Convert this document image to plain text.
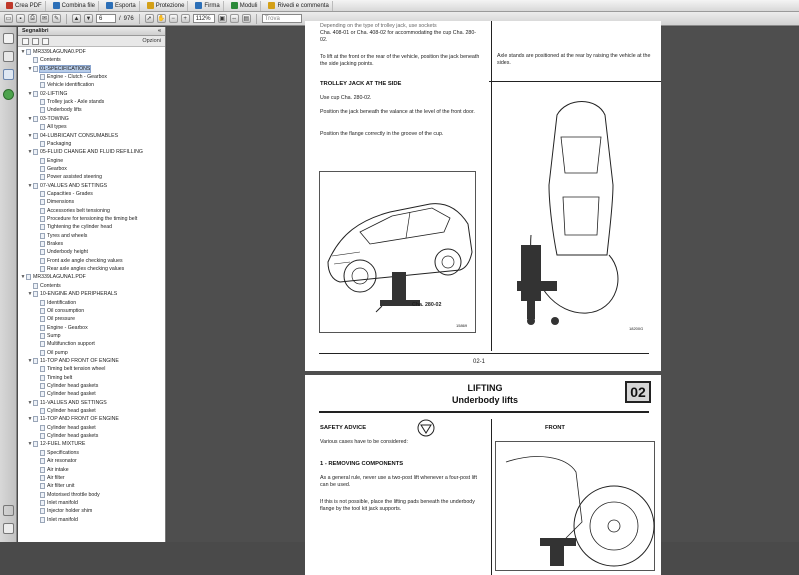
Crea PDF	Combina file	Esporta	Protezione	Firma	Moduli	Rivedi e commenta
▭	▪	⎙	✉	✎	▲ ▼	6	/ 976	➚ ✋	−	+	112%	▣ ⇔ ▤	Trova
Segnalibri	«
Opzioni
▼ MR339LAGUNA0.PDF
Contents
▼ 01-SPECIFICATIONS
Engine - Clutch - Gearbox
Vehicle identification
▼ 02-LIFTING
Trolley jack - Axle stands
Underbody lifts
▼ 03-TOWING
All types
▼ 04-LUBRICANT CONSUMABLES
Packaging
▼ 05-FLUID CHANGE AND FLUID REFILLING
Engine
Gearbox
Power assisted steering
▼ 07-VALUES AND SETTINGS
Capacities - Grades
Dimensions
Accessories belt tensioning
Procedure for tensioning the timing belt
Tightening the cylinder head
Tyres and wheels
Brakes
Underbody height
Front axle angle checking values
Rear axle angles checking values
▼ MR339LAGUNA1.PDF
Contents
▼ 10-ENGINE AND PERIPHERALS
Identification
Oil consumption
Oil pressure
Engine - Gearbox
Sump
Multifunction support
Oil pump
▼ 11-TOP AND FRONT OF ENGINE
Timing belt tension wheel
Timing belt
Cylinder head gaskets
Cylinder head gasket
▼ 11-VALUES AND SETTINGS
Cylinder head gasket
▼ 11-TOP AND FRONT OF ENGINE
Cylinder head gasket
Cylinder head gaskets
▼ 12-FUEL MIXTURE
Specifications
Air resonator
Air intake
Air filter
Air filter unit
Motorised throttle body
Inlet manifold
Injector holder shim
Inlet manifold
Depending on the type of trolley jack, use sockets
Cha. 408-01 or Cha. 408-02 for accommodating the cup Cha. 280-02.
To lift at the front or the rear of the vehicle, position the jack beneath the side jacking points.
TROLLEY JACK AT THE SIDE
Use cup Cha. 280-02.
Position the jack beneath the valance at the level of the front door.
Position the flange correctly in the groove of the cup.
Cha. 280-02
15869
Axle stands are positioned at the rear by raising the vehicle at the sides.
18200G
02-1
LIFTING
Underbody lifts	02
SAFETY ADVICE	FRONT
Various cases have to be considered:
1 - REMOVING COMPONENTS
As a general rule, never use a two-post lift whenever a four-post lift can be used.
If this is not possible, place the lifting pads beneath the underbody flange by the tool kit jack supports.
